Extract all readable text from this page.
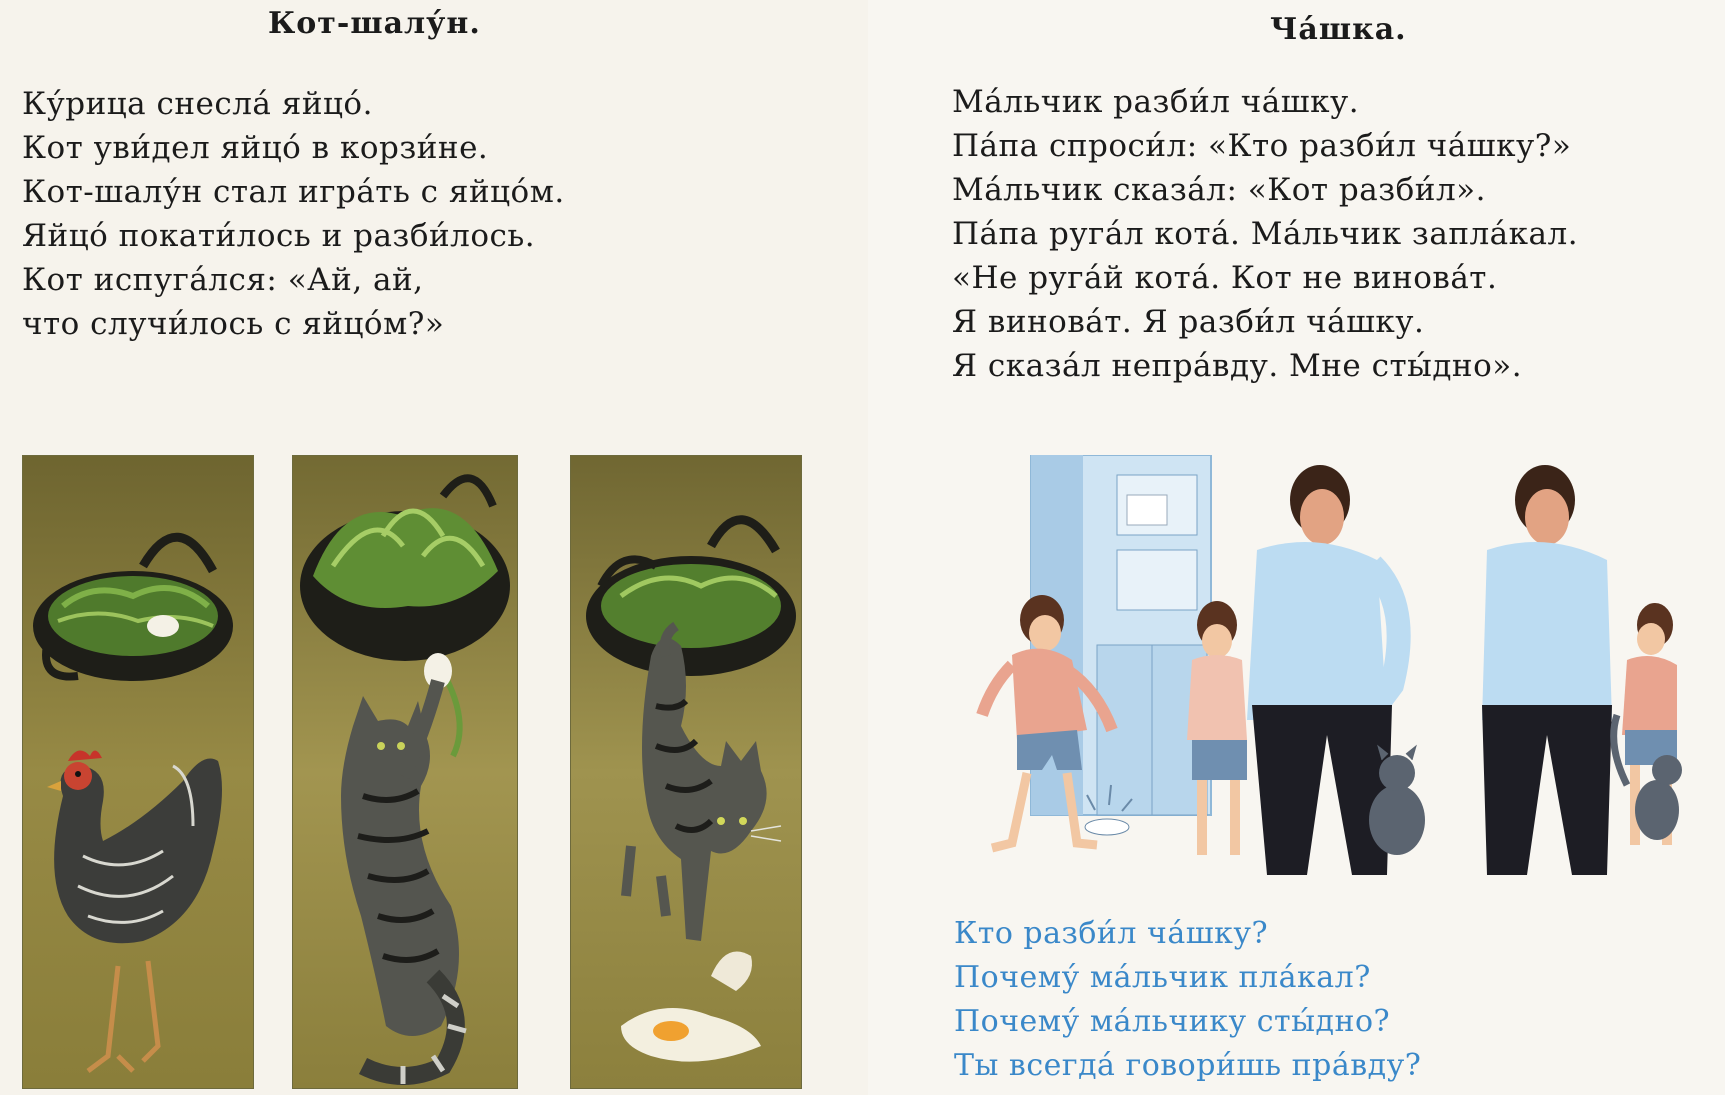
Кот-шалу́н.
Ку́рица снесла́ яйцо́.
Кот уви́дел яйцо́ в корзи́не.
Кот-шалу́н стал игра́ть с яйцо́м.
Яйцо́ покати́лось и разби́лось.
Кот испуга́лся: «Ай, ай,
что случи́лось с яйцо́м?»
Ча́шка.
Ма́льчик разби́л ча́шку.
Па́па спроси́л: «Кто разби́л ча́шку?»
Ма́льчик сказа́л: «Кот разби́л».
Па́па руга́л кота́. Ма́льчик запла́кал.
«Не руга́й кота́. Кот не винова́т.
Я винова́т. Я разби́л ча́шку.
Я сказа́л непра́вду. Мне сты́дно».
Кто разби́л ча́шку?
Почему́ ма́льчик пла́кал?
Почему́ ма́льчику сты́дно?
Ты всегда́ говори́шь пра́вду?
